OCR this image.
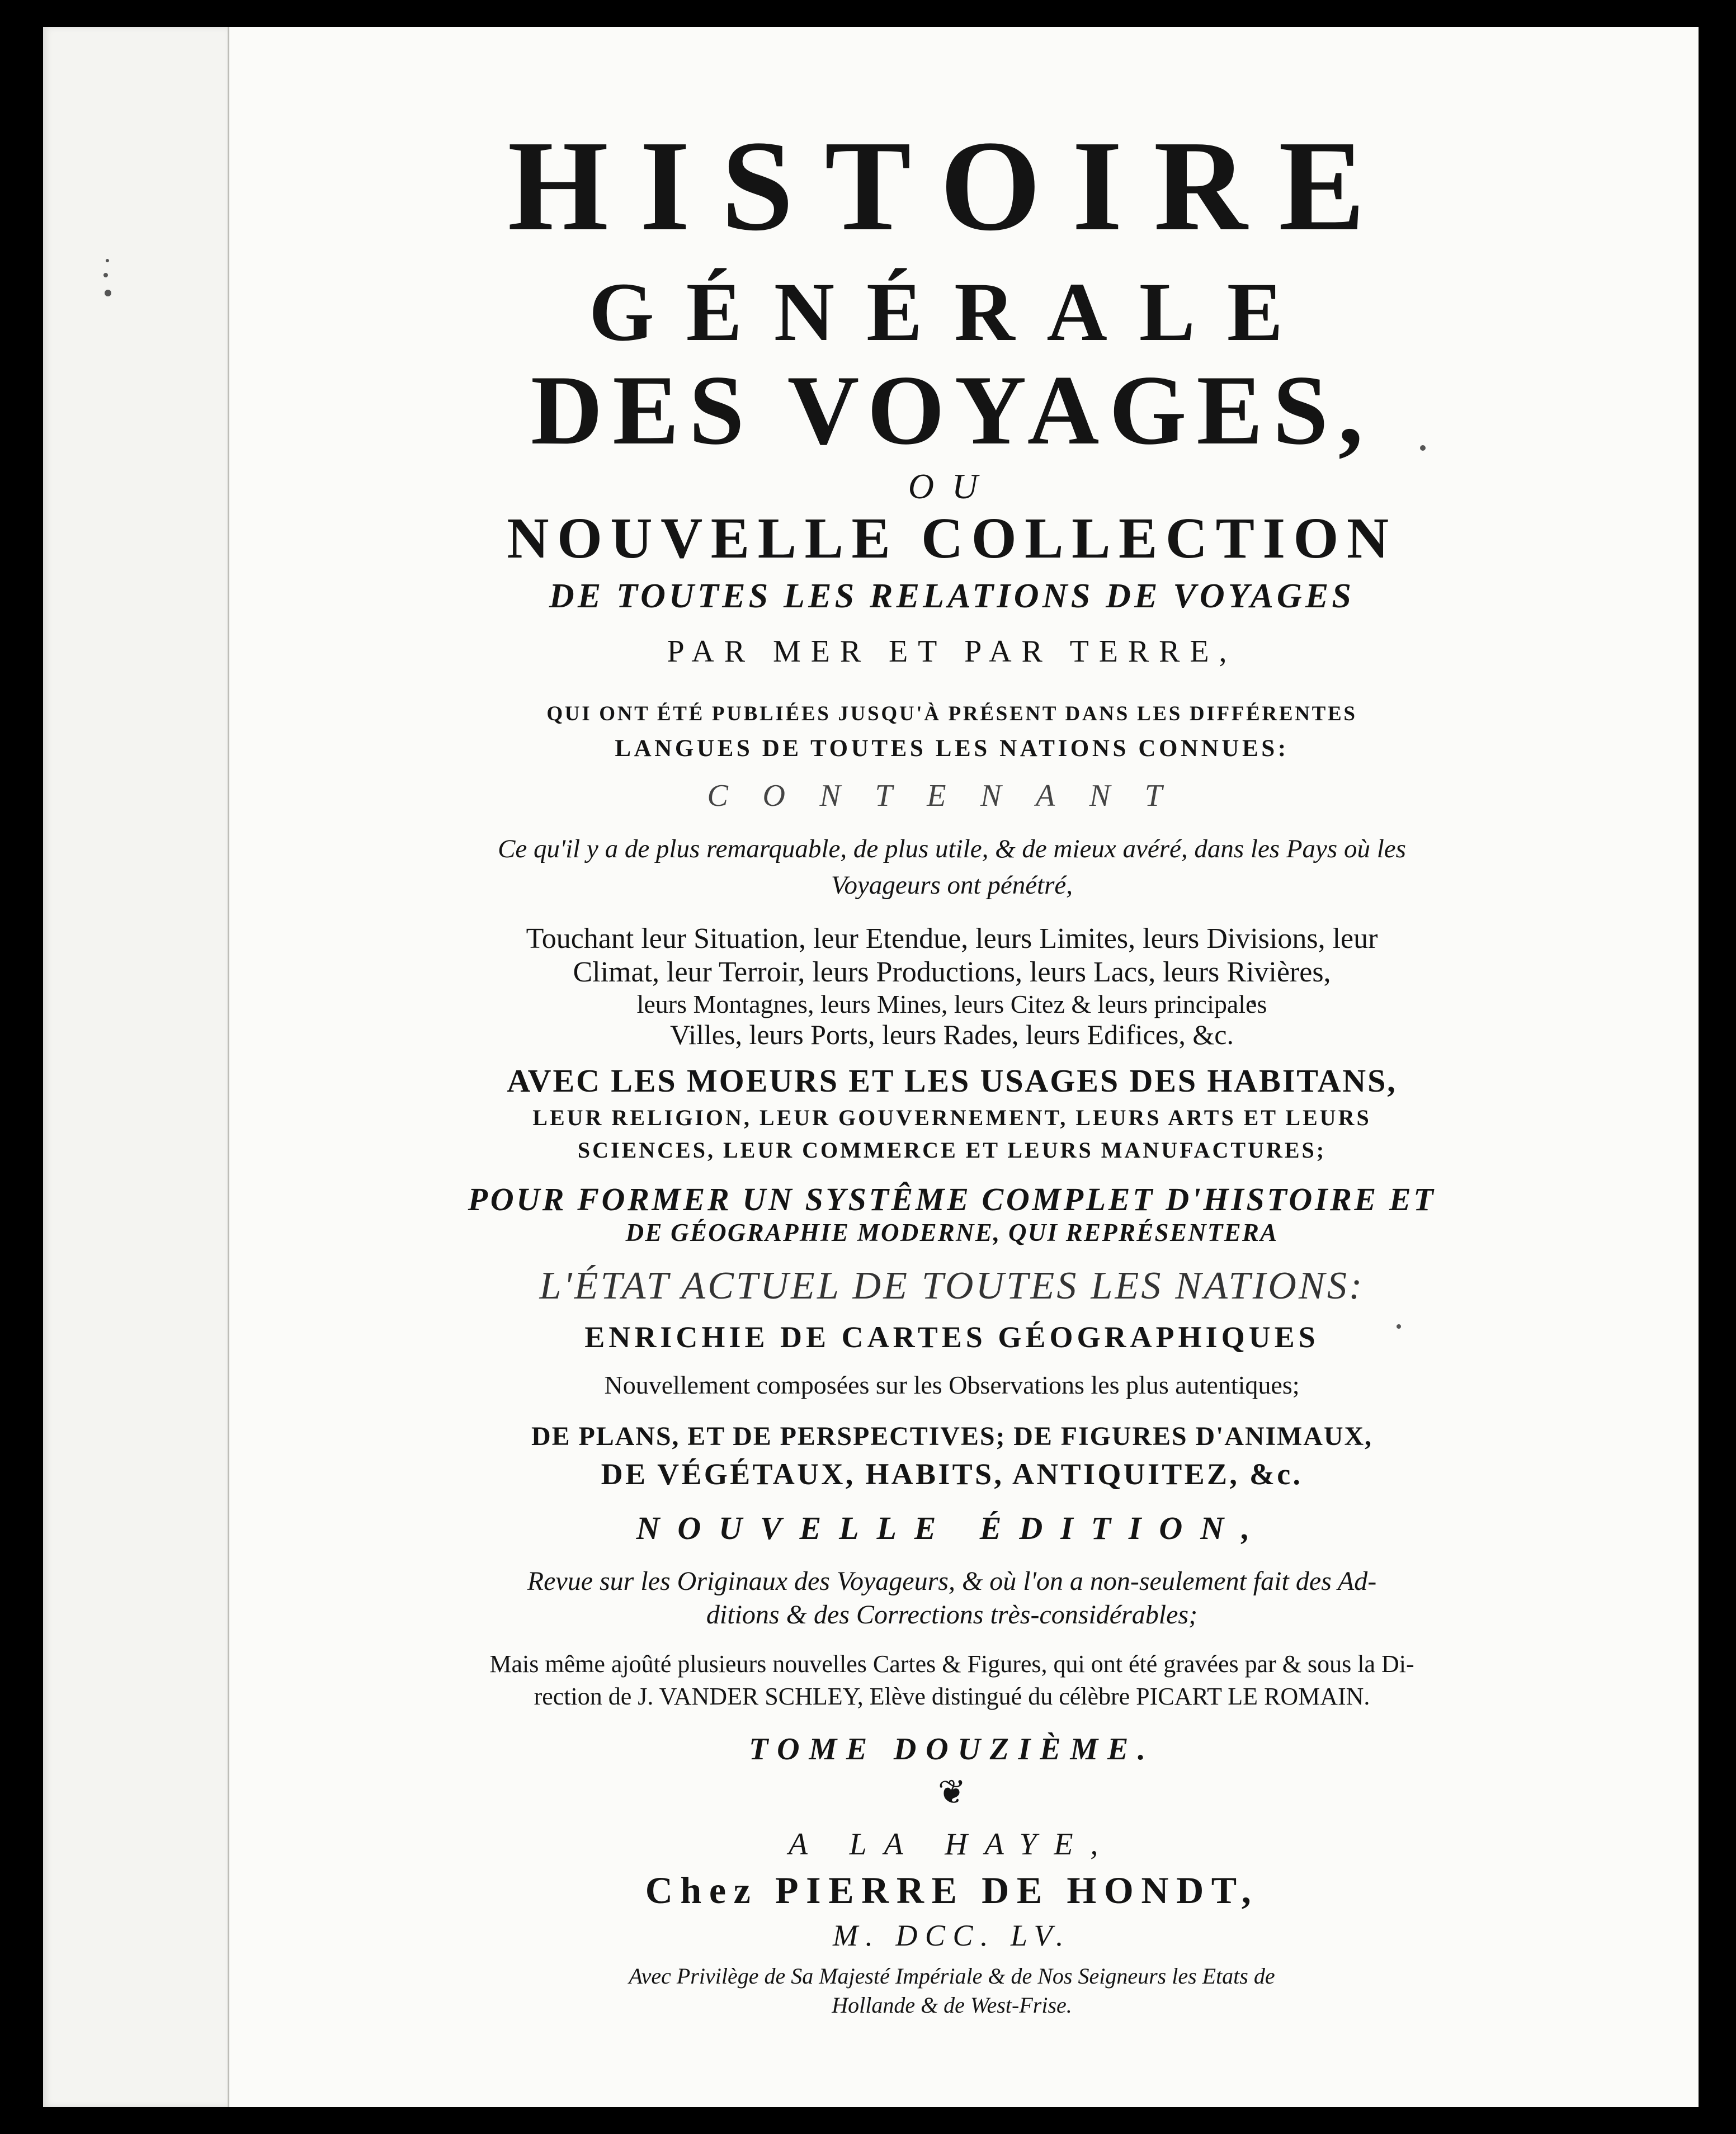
HISTOIRE

GÉNÉRALE

DES VOYAGES,

OU

NOUVELLE COLLECTION

DE TOUTES LES RELATIONS DE VOYAGES

PAR MER ET PAR TERRE,

QUI ONT ÉTÉ PUBLIÉES JUSQU'À PRÉSENT DANS LES DIFFÉRENTES

LANGUES DE TOUTES LES NATIONS CONNUES:

CONTENANT

Ce qu'il y a de plus remarquable, de plus utile, & de mieux avéré, dans les Pays où les

Voyageurs ont pénétré,

Touchant leur Situation, leur Etendue, leurs Limites, leurs Divisions, leur

Climat, leur Terroir, leurs Productions, leurs Lacs, leurs Rivières,

leurs Montagnes, leurs Mines, leurs Citez & leurs principales

Villes, leurs Ports, leurs Rades, leurs Edifices, &c.

AVEC LES MOEURS ET LES USAGES DES HABITANS,

LEUR RELIGION, LEUR GOUVERNEMENT, LEURS ARTS ET LEURS

SCIENCES, LEUR COMMERCE ET LEURS MANUFACTURES;

POUR FORMER UN SYSTÊME COMPLET D'HISTOIRE ET

DE GÉOGRAPHIE MODERNE, QUI REPRÉSENTERA

L'ÉTAT ACTUEL DE TOUTES LES NATIONS:

ENRICHIE DE CARTES GÉOGRAPHIQUES

Nouvellement composées sur les Observations les plus autentiques;

DE PLANS, ET DE PERSPECTIVES; DE FIGURES D'ANIMAUX,

DE VÉGÉTAUX, HABITS, ANTIQUITEZ, &c.

NOUVELLE ÉDITION,

Revue sur les Originaux des Voyageurs, & où l'on a non-seulement fait des Ad-

ditions & des Corrections très-considérables;

Mais même ajoûté plusieurs nouvelles Cartes & Figures, qui ont été gravées par & sous la Di-

rection de J. VANDER SCHLEY, Elève distingué du célèbre PICART LE ROMAIN.

TOME DOUZIÈME.

❦

A LA HAYE,

Chez PIERRE DE HONDT,

M. DCC. LV.

Avec Privilège de Sa Majesté Impériale & de Nos Seigneurs les Etats de

Hollande & de West-Frise.
